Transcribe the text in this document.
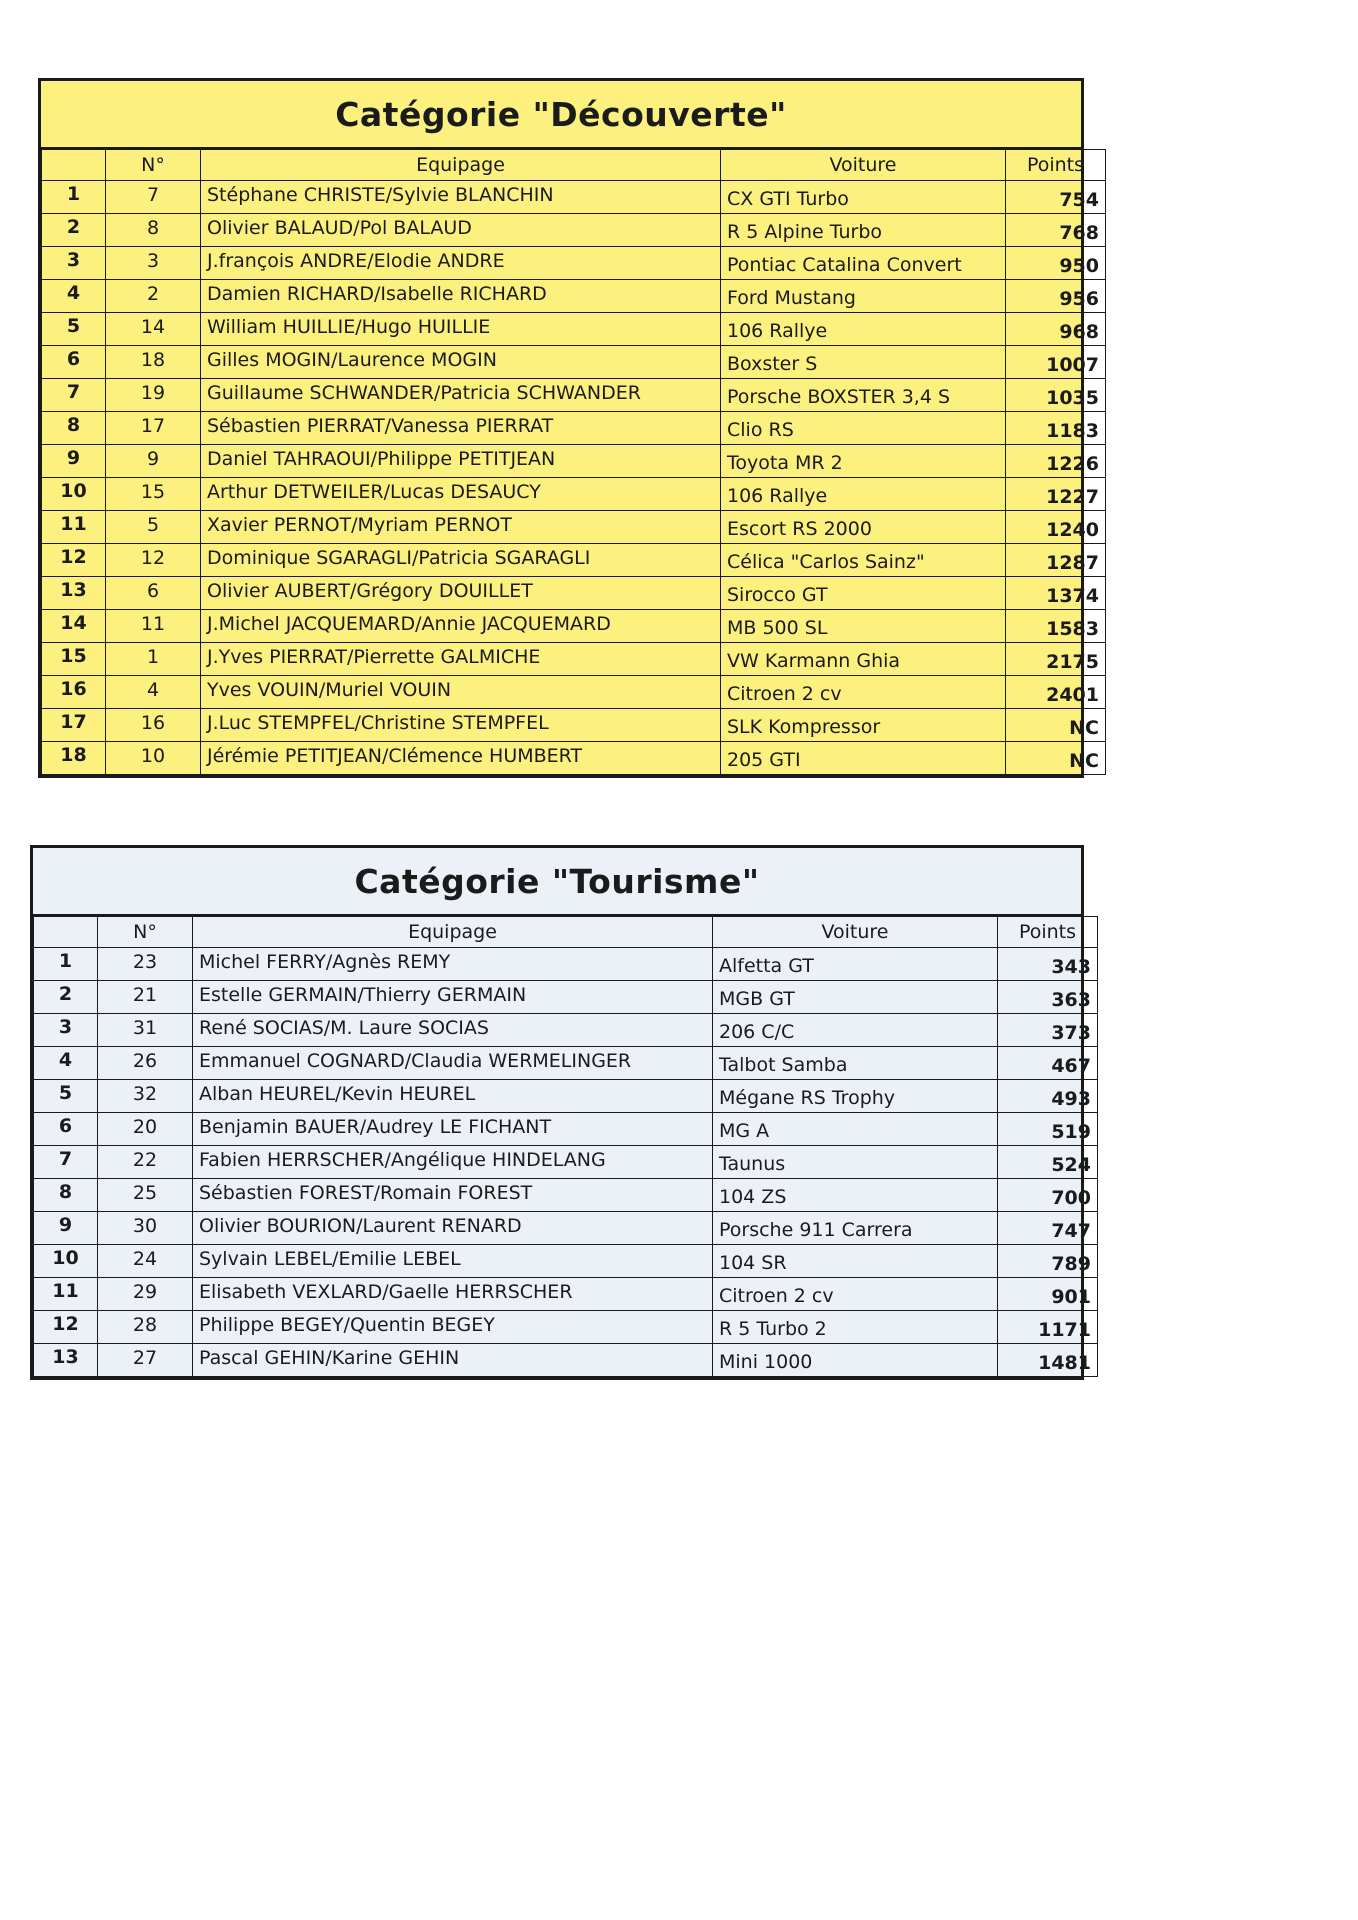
Catégorie "Découverte"
	N°	Equipage	Voiture	Points

1	7	Stéphane CHRISTE/Sylvie BLANCHIN	CX GTI Turbo	754

2	8	Olivier BALAUD/Pol BALAUD	R 5 Alpine Turbo	768

3	3	J.françois ANDRE/Elodie ANDRE	Pontiac Catalina Convert	950

4	2	Damien RICHARD/Isabelle RICHARD	Ford Mustang	956

5	14	William HUILLIE/Hugo HUILLIE	106 Rallye	968

6	18	Gilles MOGIN/Laurence MOGIN	Boxster S	1007

7	19	Guillaume SCHWANDER/Patricia SCHWANDER	Porsche BOXSTER 3,4 S	1035

8	17	Sébastien PIERRAT/Vanessa PIERRAT	Clio RS	1183

9	9	Daniel TAHRAOUI/Philippe PETITJEAN	Toyota MR 2	1226

10	15	Arthur DETWEILER/Lucas DESAUCY	106 Rallye	1227

11	5	Xavier PERNOT/Myriam PERNOT	Escort RS 2000	1240

12	12	Dominique SGARAGLI/Patricia SGARAGLI	Célica "Carlos Sainz"	1287

13	6	Olivier AUBERT/Grégory DOUILLET	Sirocco GT	1374

14	11	J.Michel JACQUEMARD/Annie JACQUEMARD	MB 500 SL	1583

15	1	J.Yves PIERRAT/Pierrette GALMICHE	VW Karmann Ghia	2175

16	4	Yves VOUIN/Muriel VOUIN	Citroen 2 cv	2401

17	16	J.Luc STEMPFEL/Christine STEMPFEL	SLK Kompressor	NC

18	10	Jérémie PETITJEAN/Clémence HUMBERT	205 GTI	NC
Catégorie "Tourisme"
	N°	Equipage	Voiture	Points

1	23	Michel FERRY/Agnès REMY	Alfetta GT	343

2	21	Estelle GERMAIN/Thierry GERMAIN	MGB GT	363

3	31	René SOCIAS/M. Laure SOCIAS	206 C/C	373

4	26	Emmanuel COGNARD/Claudia WERMELINGER	Talbot Samba	467

5	32	Alban HEUREL/Kevin HEUREL	Mégane RS Trophy	493

6	20	Benjamin BAUER/Audrey LE FICHANT	MG A	519

7	22	Fabien HERRSCHER/Angélique HINDELANG	Taunus	524

8	25	Sébastien FOREST/Romain FOREST	104 ZS	700

9	30	Olivier BOURION/Laurent RENARD	Porsche 911 Carrera	747

10	24	Sylvain LEBEL/Emilie LEBEL	104 SR	789

11	29	Elisabeth VEXLARD/Gaelle HERRSCHER	Citroen 2 cv	901

12	28	Philippe BEGEY/Quentin BEGEY	R 5 Turbo 2	1171

13	27	Pascal GEHIN/Karine GEHIN	Mini 1000	1481
